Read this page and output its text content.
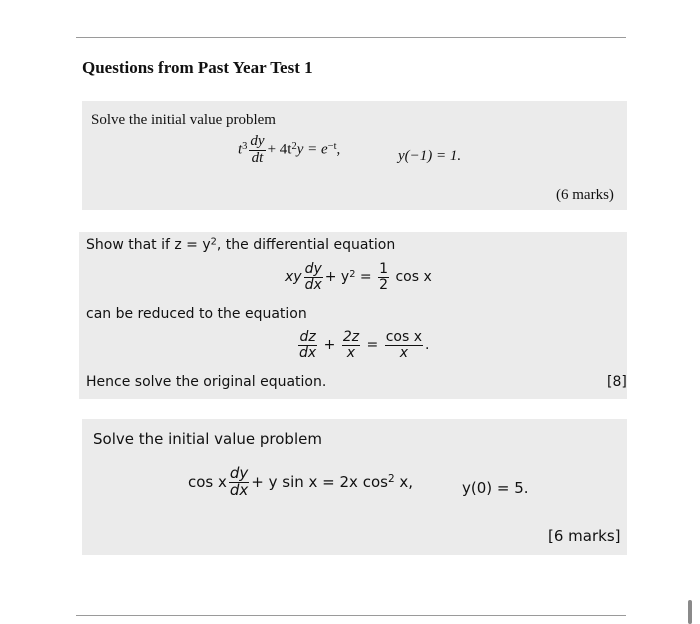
Questions from Past Year Test 1
Solve the initial value problem
$t^3 \frac{dy}{dt} + 4t^2y = e^{-t}$,	y(−1) = 1.
(6 marks)
Show that if $z = y^2$, the differential equation
xy $\frac{dy}{dx} + y^2 = \frac{1}{2}$ cos x
can be reduced to the equation
$\frac{dz}{dx} + \frac{2z}{x} = \frac{\text{cos x}}{x}$ .
Hence solve the original equation.	[8]
Solve the initial value problem
cos x $\frac{dy}{dx} + y$ sin x = 2x $\cos^2 x$,	y(0) = 5.
[6 marks]
